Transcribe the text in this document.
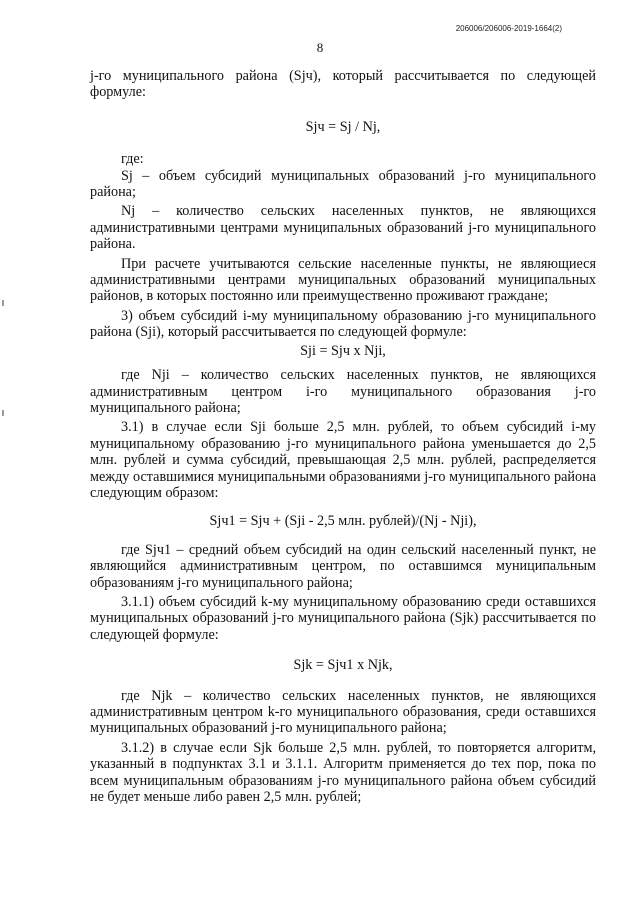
206006/206006-2019-1664(2)
8

j-го муниципального района (Sjч), который рассчитывается по следующей формуле:

Sjч = Sj / Nj,

где:

Sj – объем субсидий муниципальных образований j-го муниципального района;

Nj – количество сельских населенных пунктов, не являющихся административными центрами муниципальных образований j-го муниципального района.

При расчете учитываются сельские населенные пункты, не являющиеся административными центрами муниципальных образований муниципальных районов, в которых постоянно или преимущественно проживают граждане;

3) объем субсидий i-му муниципальному образованию j-го муниципального района (Sji), который рассчитывается по следующей формуле:

Sji = Sjч x Nji,

где Nji – количество сельских населенных пунктов, не являющихся административным центром i-го муниципального образования j-го муниципального района;

3.1) в случае если Sji больше 2,5 млн. рублей, то объем субсидий i-му муниципальному образованию j-го муниципального района уменьшается до 2,5 млн. рублей и сумма субсидий, превышающая 2,5 млн. рублей, распределяется между оставшимися муниципальными образованиями j-го муниципального района следующим образом:

Sjч1 = Sjч + (Sji - 2,5 млн. рублей)/(Nj - Nji),

где Sjч1 – средний объем субсидий на один сельский населенный пункт, не являющийся административным центром, по оставшимся муниципальным образованиям j-го муниципального района;

3.1.1) объем субсидий k-му муниципальному образованию среди оставшихся муниципальных образований j-го муниципального района (Sjk) рассчитывается по следующей формуле:

Sjk = Sjч1 x Njk,

где Njk – количество сельских населенных пунктов, не являющихся административным центром k-го муниципального образования, среди оставшихся муниципальных образований j-го муниципального района;

3.1.2) в случае если Sjk больше 2,5 млн. рублей, то повторяется алгоритм, указанный в подпунктах 3.1 и 3.1.1. Алгоритм применяется до тех пор, пока по всем муниципальным образованиям j-го муниципального района объем субсидий не будет меньше либо равен 2,5 млн. рублей;
